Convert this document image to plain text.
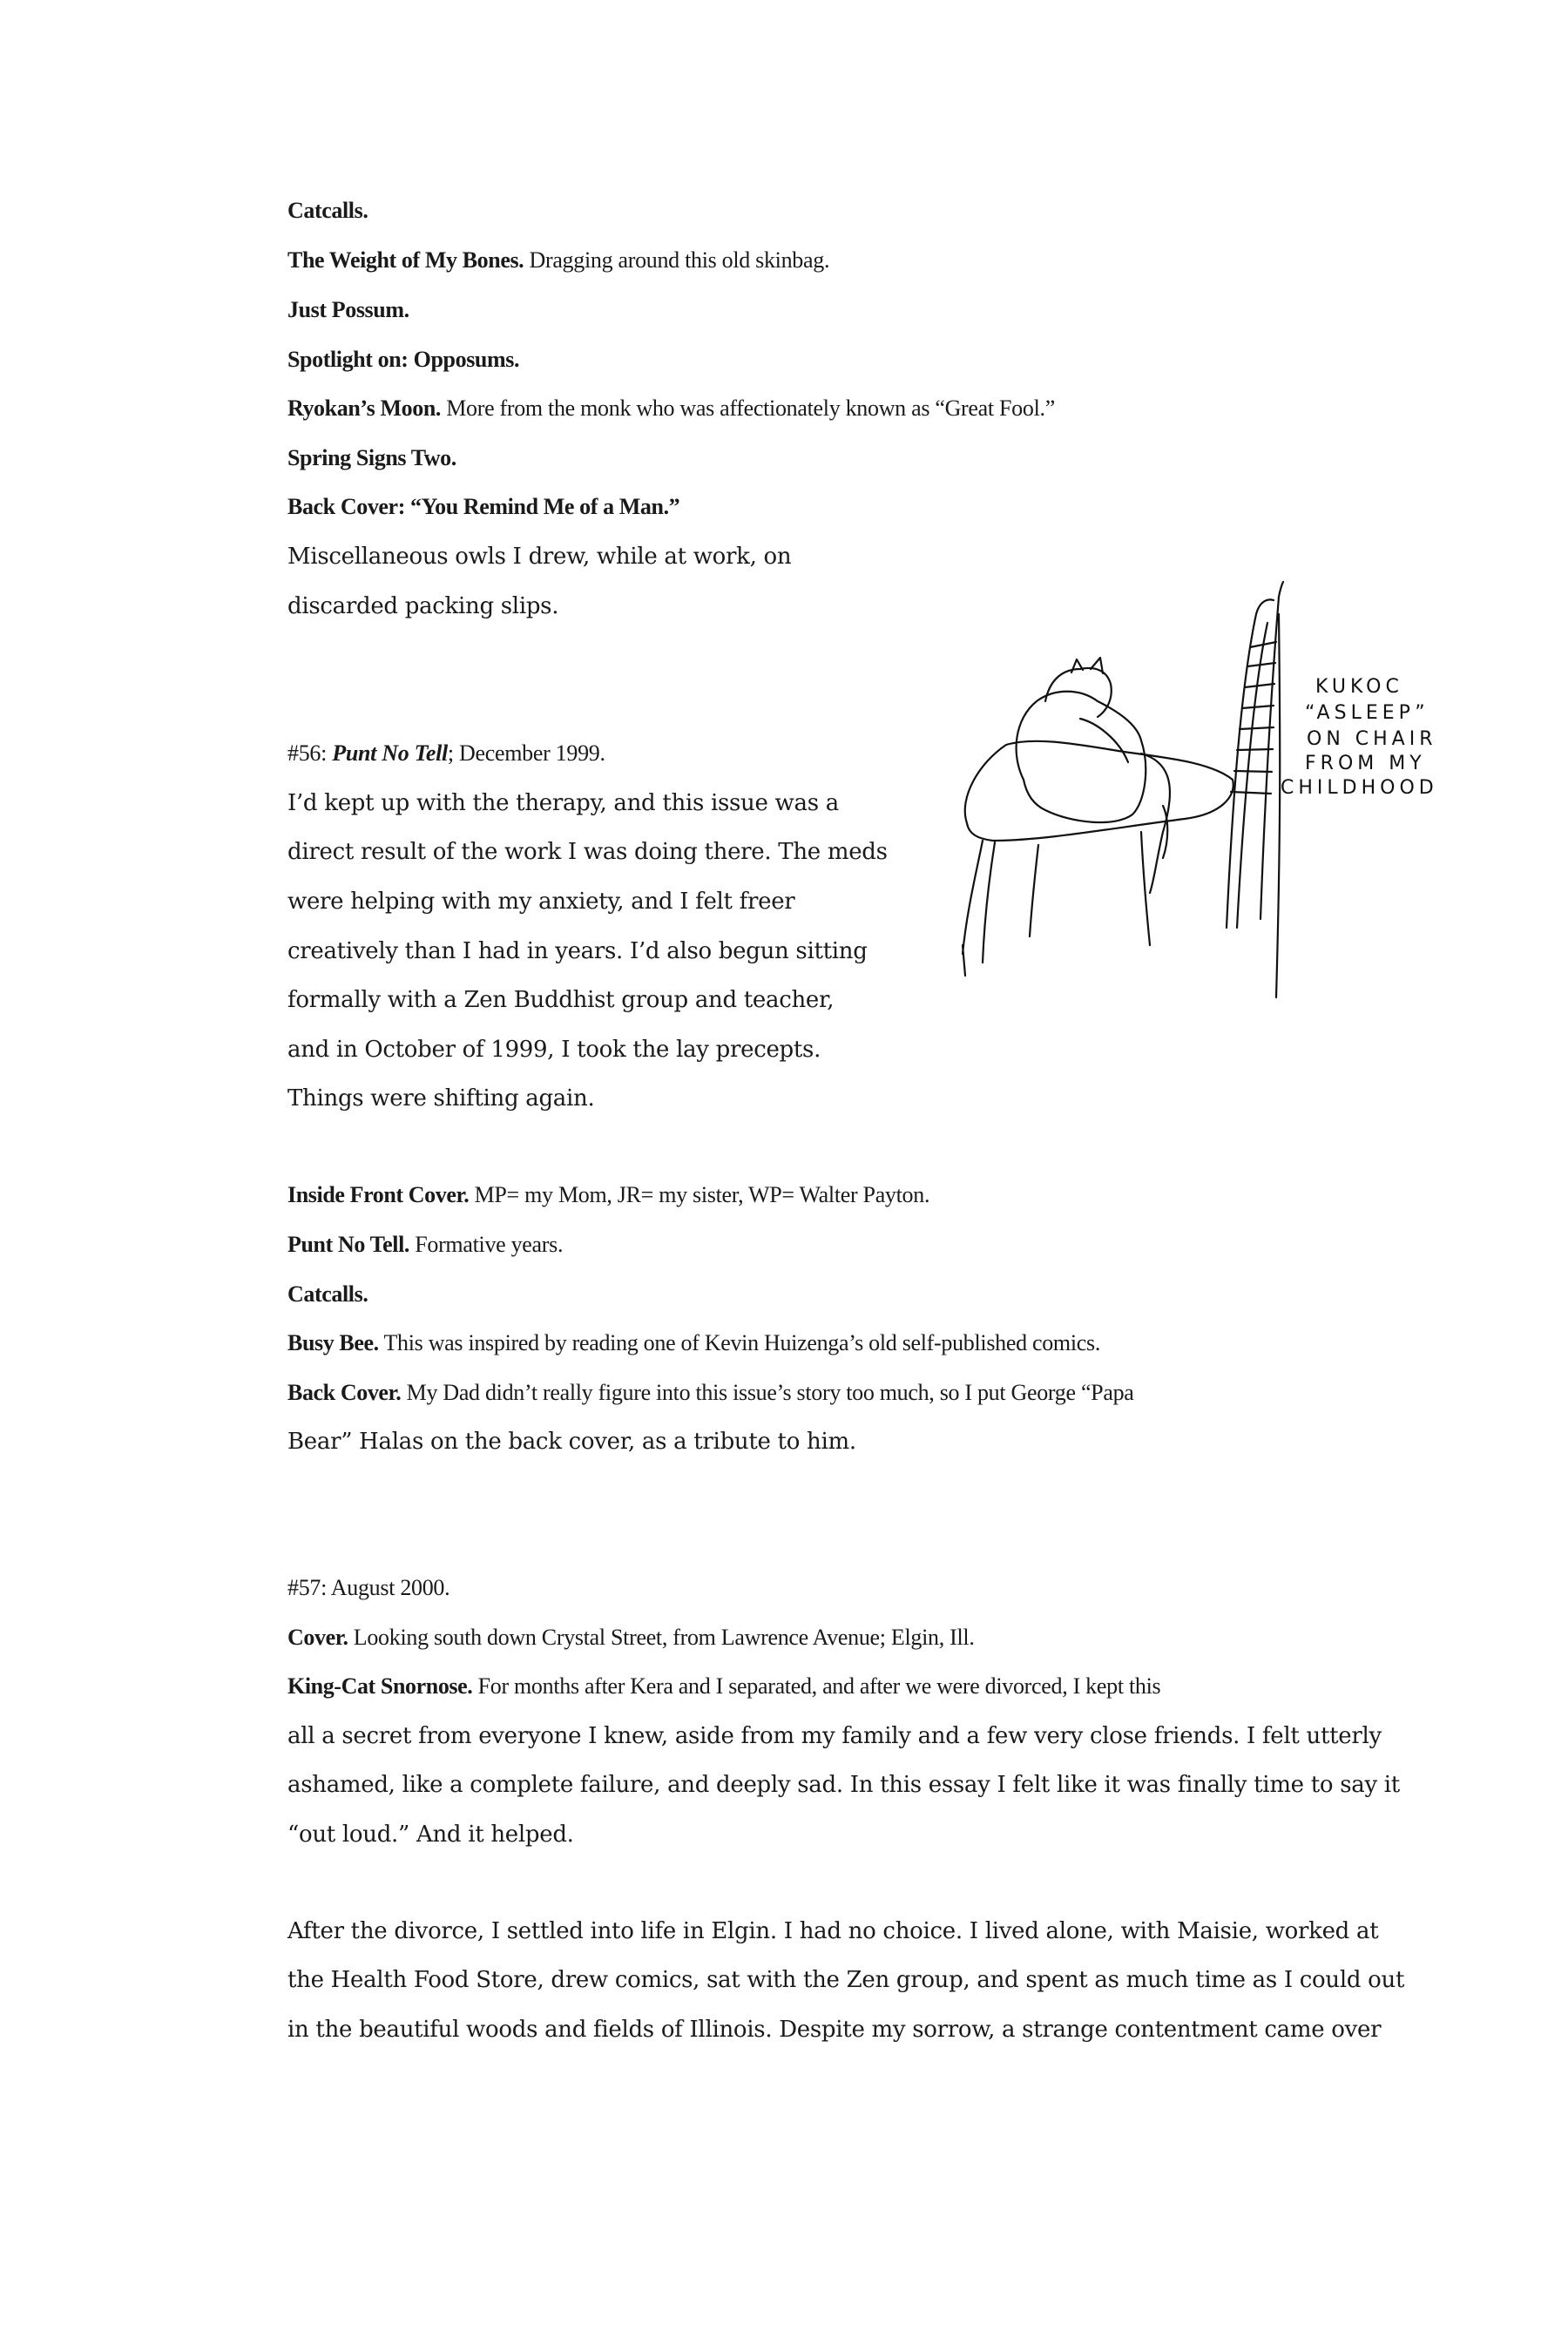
Catcalls.
The Weight of My Bones. Dragging around this old skinbag.
Just Possum.
Spotlight on: Opposums.
Ryokan’s Moon. More from the monk who was affectionately known as “Great Fool.”
Spring Signs Two.
Back Cover: “You Remind Me of a Man.”
Miscellaneous owls I drew, while at work, on
discarded packing slips.
#56: Punt No Tell; December 1999.
I’d kept up with the therapy, and this issue was a
direct result of the work I was doing there. The meds
were helping with my anxiety, and I felt freer
creatively than I had in years. I’d also begun sitting
formally with a Zen Buddhist group and teacher,
and in October of 1999, I took the lay precepts.
Things were shifting again.
Inside Front Cover. MP= my Mom, JR= my sister, WP= Walter Payton.
Punt No Tell. Formative years.
Catcalls.
Busy Bee. This was inspired by reading one of Kevin Huizenga’s old self-published comics.
Back Cover. My Dad didn’t really figure into this issue’s story too much, so I put George “Papa
Bear” Halas on the back cover, as a tribute to him.
#57: August 2000.
Cover. Looking south down Crystal Street, from Lawrence Avenue; Elgin, Ill.
King-Cat Snornose. For months after Kera and I separated, and after we were divorced, I kept this
all a secret from everyone I knew, aside from my family and a few very close friends. I felt utterly
ashamed, like a complete failure, and deeply sad. In this essay I felt like it was finally time to say it
“out loud.” And it helped.
After the divorce, I settled into life in Elgin. I had no choice. I lived alone, with Maisie, worked at
the Health Food Store, drew comics, sat with the Zen group, and spent as much time as I could out
in the beautiful woods and fields of Illinois. Despite my sorrow, a strange contentment came over
KUKOC
“ASLEEP”
ON CHAIR
FROM MY
CHILDHOOD
